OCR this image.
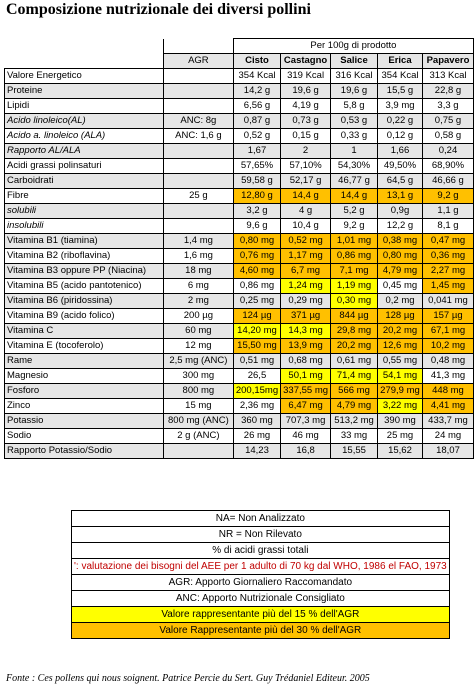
Composizione nutrizionale dei diversi pollini
		Per 100g di prodotto				
	AGR	Cisto	Castagno	Salice	Erica	Papavero
Valore Energetico		354 Kcal	319 Kcal	316 Kcal	354 Kcal	313 Kcal
Proteine		14,2 g	19,6 g	19,6 g	15,5 g	22,8 g
Lipidi		6,56 g	4,19 g	5,8 g	3,9 mg	3,3 g
Acido linoleico(AL)	ANC: 8g	0,87 g	0,73 g	0,53 g	0,22 g	0,75 g
Acido a. linoleico (ALA)	ANC: 1,6 g	0,52 g	0,15 g	0,33 g	0,12 g	0,58 g
Rapporto AL/ALA		1,67	2	1	1,66	0,24
Acidi grassi polinsaturi		57,65%	57,10%	54,30%	49,50%	68,90%
Carboidrati		59,58 g	52,17 g	46,77 g	64,5 g	46,66 g
Fibre	25 g	12,80 g	14,4 g	14,4 g	13,1 g	9,2 g
solubili		3,2 g	4 g	5,2 g	0,9g	1,1 g
insolubili		9,6 g	10,4 g	9,2 g	12,2 g	8,1 g
Vitamina B1 (tiamina)	1,4 mg	0,80 mg	0,52 mg	1,01 mg	0,38 mg	0,47 mg
Vitamina B2 (riboflavina)	1,6 mg	0,76 mg	1,17 mg	0,86 mg	0,80 mg	0,36 mg
Vitamina B3 oppure PP (Niacina)	18 mg	4,60 mg	6,7 mg	7,1 mg	4,79 mg	2,27 mg
Vitamina B5 (acido pantotenico)	6 mg	0,86 mg	1,24 mg	1,19 mg	0,45 mg	1,45 mg
Vitamina B6 (piridossina)	2 mg	0,25 mg	0,29 mg	0,30 mg	0,2 mg	0,041 mg
Vitamina B9 (acido folico)	200 µg	124 µg	371 µg	844 µg	128 µg	157 µg
Vitamina C	60 mg	14,20 mg	14,3 mg	29,8 mg	20,2 mg	67,1 mg
Vitamina E (tocoferolo)	12 mg	15,50 mg	13,9 mg	20,2 mg	12,6 mg	10,2 mg
Rame	2,5 mg (ANC)	0,51 mg	0,68 mg	0,61 mg	0,55 mg	0,48 mg
Magnesio	300 mg	26,5	50,1 mg	71,4 mg	54,1 mg	41,3 mg
Fosforo	800 mg	200,15mg	337,55 mg	566 mg	279,9 mg	448 mg
Zinco	15 mg	2,36 mg	6,47 mg	4,79 mg	3,22 mg	4,41 mg
Potassio	800 mg (ANC)	360 mg	707,3 mg	513,2 mg	390 mg	433,7 mg
Sodio	2 g (ANC)	26 mg	46 mg	33 mg	25 mg	24 mg
Rapporto Potassio/Sodio		14,23	16,8	15,55	15,62	18,07
NA= Non Analizzato
NR = Non Rilevato
% di acidi grassi totali
': valutazione dei bisogni del AEE per 1 adulto di 70 kg dal WHO, 1986 el FAO, 1973
AGR: Apporto Giornaliero Raccomandato
ANC: Apporto Nutrizionale Consigliato
Valore rappresentante più del 15 % dell'AGR
Valore Rappresentante più del 30 % dell'AGR
Fonte : Ces pollens qui nous soignent. Patrice Percie du Sert. Guy Trédaniel Editeur. 2005
